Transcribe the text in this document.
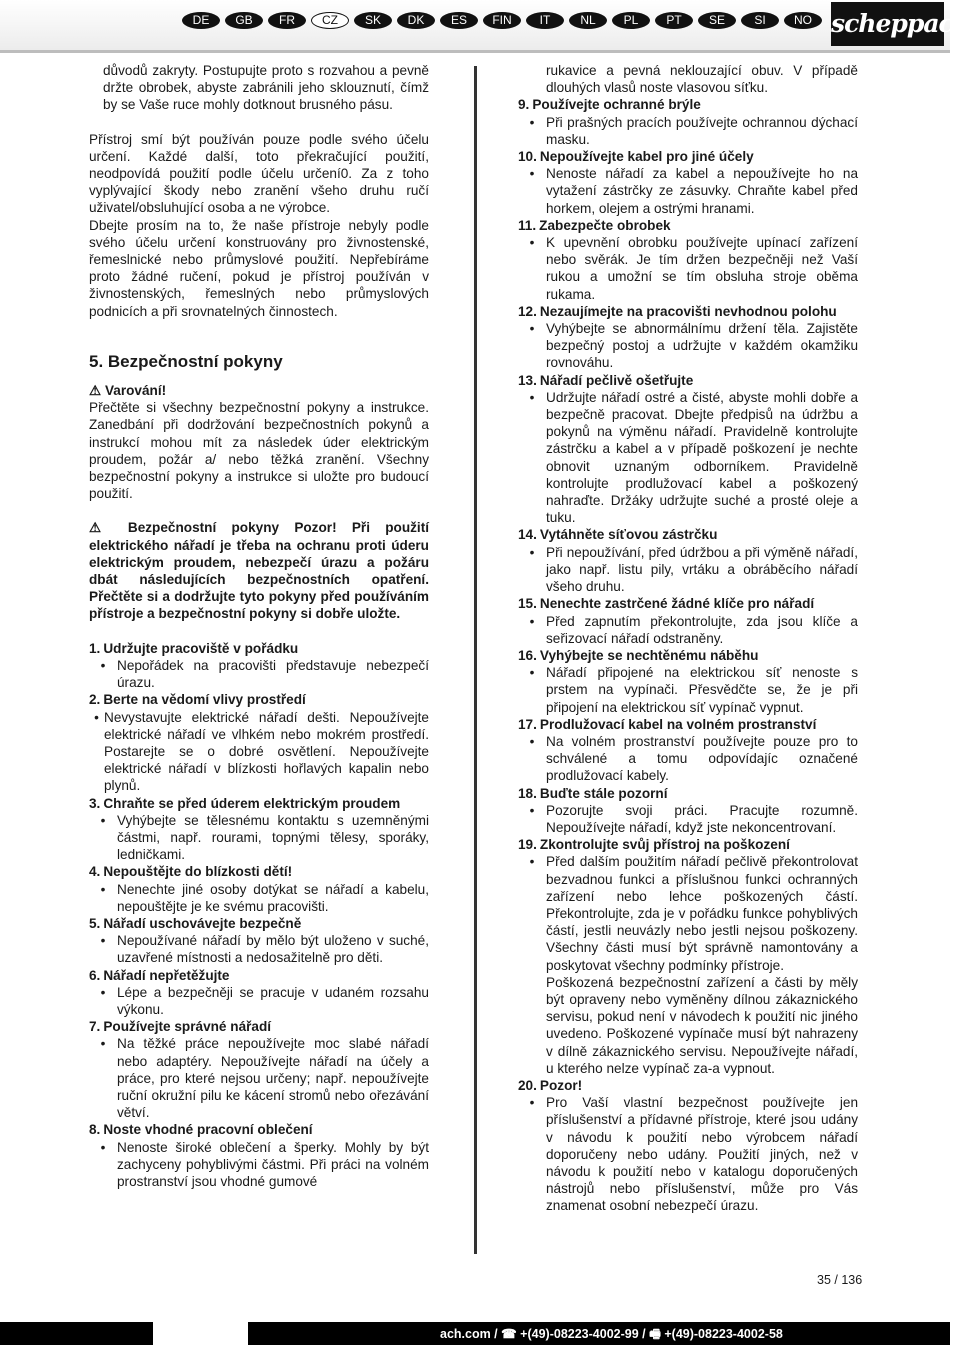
DE	GB	FR	CZ	SK	DK	ES	FIN	IT	NL	PL	PT	SE	SI	NO scheppach

důvodů zakryty. Postupujte proto s rozvahou a pevně držte obrobek, abyste zabránili jeho sklouznutí, čímž by se Vaše ruce mohly dotknout brusného pásu.

Přístroj smí být používán pouze podle svého účelu určení. Každé další, toto překračující použití, neodpovídá použití podle účelu určení0. Za z toho vyplývající škody nebo zranění všeho druhu ručí uživatel/obsluhující osoba a ne výrobce.

Dbejte prosím na to, že naše přístroje nebyly podle svého účelu určení konstruovány pro živnostenské, řemeslnické nebo průmyslové použití. Nepřebíráme proto žádné ručení, pokud je přístroj používán v živnostenských, řemeslných nebo průmyslových podnicích a při srovnatelných činnostech.

5. Bezpečnostní pokyny
⚠ Varování!

Přečtěte si všechny bezpečnostní pokyny a instrukce. Zanedbání při dodržování bezpečnostních pokynů a instrukcí mohou mít za následek úder elektrickým proudem, požár a/ nebo těžká zranění. Všechny bezpečnostní pokyny a instrukce si uložte pro budoucí použití.

⚠ Bezpečnostní pokyny Pozor! Při použití elektrického nářadí je třeba na ochranu proti úderu elektrickým proudem, nebezpečí úrazu a požáru dbát následujících bezpečnostních opatření. Přečtěte si a dodržujte tyto pokyny před používáním přístroje a bezpečnostní pokyny si dobře uložte.

1. Udržujte pracoviště v pořádku
• Nepořádek na pracovišti představuje nebezpečí úrazu.
2. Berte na vědomí vlivy prostředí
• Nevystavujte elektrické nářadí dešti. Nepoužívejte elektrické nářadí ve vlhkém nebo mokrém prostředí. Postarejte se o dobré osvětlení. Nepoužívejte elektrické nářadí v blízkosti hořlavých kapalin nebo plynů.
3. Chraňte se před úderem elektrickým proudem
• Vyhýbejte se tělesnému kontaktu s uzemněnými částmi, např. rourami, topnými tělesy, sporáky, ledničkami.
4. Nepouštějte do blízkosti dětí!
• Nenechte jiné osoby dotýkat se nářadí a kabelu, nepouštějte je ke svému pracovišti.
5. Nářadí uschovávejte bezpečně
• Nepoužívané nářadí by mělo být uloženo v suché, uzavřené místnosti a nedosažitelně pro děti.
6. Nářadí nepřetěžujte
• Lépe a bezpečněji se pracuje v udaném rozsahu výkonu.
7. Používejte správné nářadí
• Na těžké práce nepoužívejte moc slabé nářadí nebo adaptéry. Nepoužívejte nářadí na účely a práce, pro které nejsou určeny; např. nepoužívejte ruční okružní pilu ke kácení stromů nebo ořezávání větví.
8. Noste vhodné pracovní oblečení
• Nenoste široké oblečení a šperky. Mohly by být zachyceny pohyblivými částmi. Při práci na volném prostranství jsou vhodné gumové

rukavice a pevná neklouzající obuv. V případě dlouhých vlasů noste vlasovou síťku.

9. Používejte ochranné brýle
• Při prašných pracích používejte ochrannou dýchací masku.
10. Nepoužívejte kabel pro jiné účely
• Nenoste nářadí za kabel a nepoužívejte ho na vytažení zástrčky ze zásuvky. Chraňte kabel před horkem, olejem a ostrými hranami.
11. Zabezpečte obrobek
• K upevnění obrobku používejte upínací zařízení nebo svěrák. Je tím držen bezpečněji než Vaší rukou a umožní se tím obsluha stroje oběma rukama.
12. Nezaujímejte na pracovišti nevhodnou polohu
• Vyhýbejte se abnormálnímu držení těla. Zajistěte bezpečný postoj a udržujte v každém okamžiku rovnováhu.
13. Nářadí pečlivě ošetřujte
• Udržujte nářadí ostré a čisté, abyste mohli dobře a bezpečně pracovat. Dbejte předpisů na údržbu a pokynů na výměnu nářadí. Pravidelně kontrolujte zástrčku a kabel a v případě poškození je nechte obnovit uznaným odborníkem. Pravidelně kontrolujte prodlužovací kabel a poškozený nahraďte. Držáky udržujte suché a prosté oleje a tuku.
14. Vytáhněte síťovou zástrčku
• Při nepoužívání, před údržbou a při výměně nářadí, jako např. listu pily, vrtáku a obráběcího nářadí všeho druhu.
15. Nenechte zastrčené žádné klíče pro nářadí
• Před zapnutím překontrolujte, zda jsou klíče a seřizovací nářadí odstraněny.
16. Vyhýbejte se nechtěnému náběhu
• Nářadí připojené na elektrickou síť nenoste s prstem na vypínači. Přesvědčte se, že je při připojení na elektrickou síť vypínač vypnut.
17. Prodlužovací kabel na volném prostranství
• Na volném prostranství používejte pouze pro to schválené a tomu odpovídajíc označené prodlužovací kabely.
18. Buďte stále pozorní
• Pozorujte svoji práci. Pracujte rozumně. Nepoužívejte nářadí, když jste nekoncentrovaní.
19. Zkontrolujte svůj přístroj na poškození
• Před dalším použitím nářadí pečlivě překontrolovat bezvadnou funkci a příslušnou funkci ochranných zařízení nebo lehce poškozených částí. Překontrolujte, zda je v pořádku funkce pohyblivých částí, jestli neuvázly nebo jestli nejsou poškozeny. Všechny části musí být správně namontovány a poskytovat všechny podmínky přístroje.

Poškozená bezpečnostní zařízení a části by měly být opraveny nebo vyměněny dílnou zákaznického servisu, pokud není v návodech k použití nic jiného uvedeno. Poškozené vypínače musí být nahrazeny v dílně zákaznického servisu. Nepoužívejte nářadí, u kterého nelze vypínač za-a vypnout.

20. Pozor!
• Pro Vaší vlastní bezpečnost používejte jen příslušenství a přídavné přístroje, které jsou udány v návodu k použití nebo výrobcem nářadí doporučeny nebo udány. Použití jiných, než v návodu k použití nebo v katalogu doporučených nástrojů nebo příslušenství, může pro Vás znamenat osobní nebezpečí úrazu.
35 / 136
ach.com / ☎ +(49)-08223-4002-99 / 🖷 +(49)-08223-4002-58
